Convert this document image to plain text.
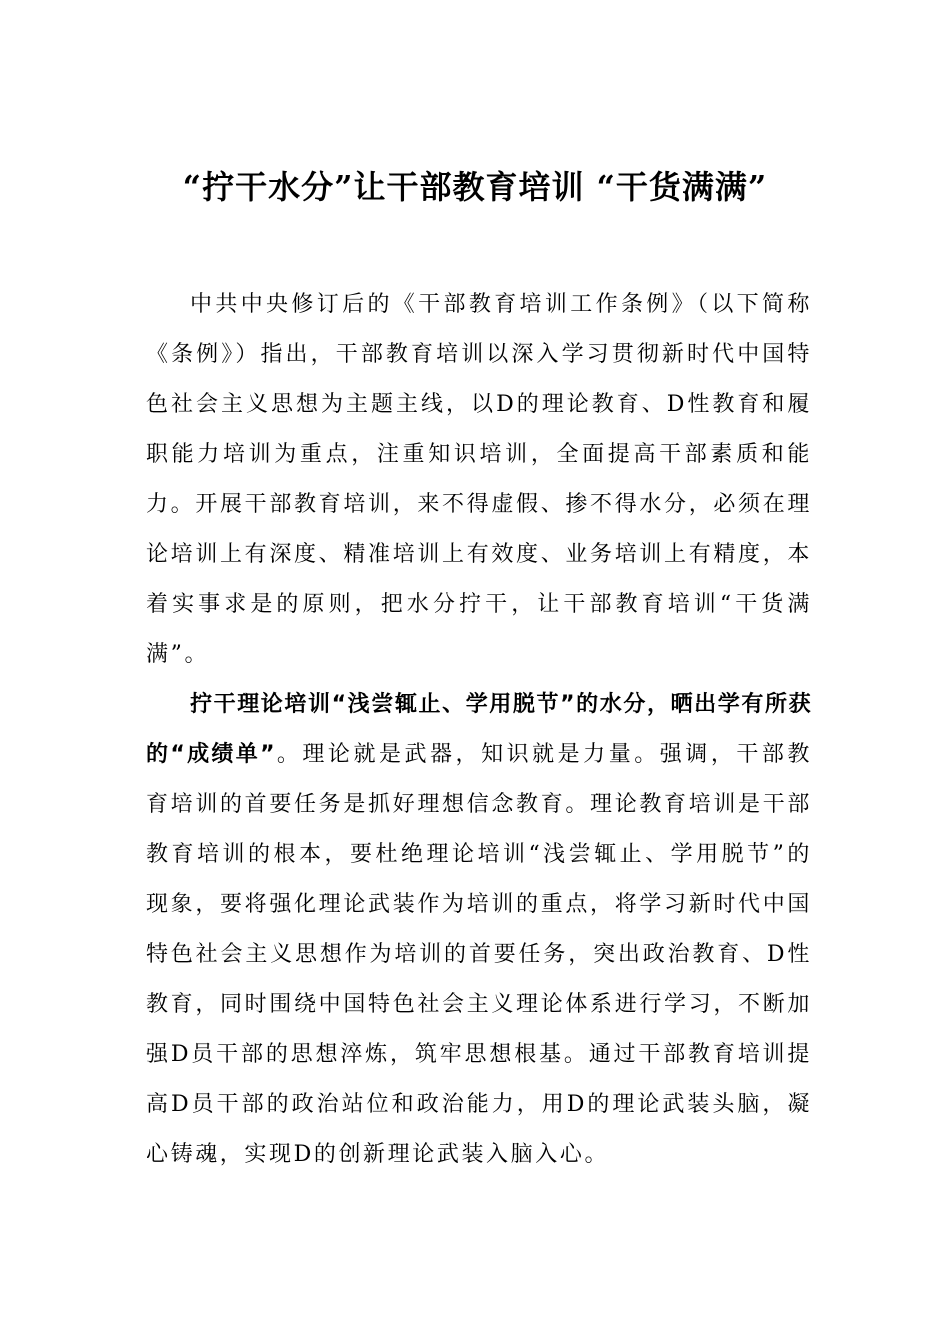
“拧干水分”让干部教育培训 “干货满满”

中共中央修订后的《干部教育培训工作条例》（以下简称《条例》）指出，干部教育培训以深入学习贯彻新时代中国特色社会主义思想为主题主线，以D的理论教育、D性教育和履职能力培训为重点，注重知识培训，全面提高干部素质和能力。开展干部教育培训，来不得虚假、掺不得水分，必须在理论培训上有深度、精准培训上有效度、业务培训上有精度，本着实事求是的原则，把水分拧干，让干部教育培训“干货满满”。

拧干理论培训“浅尝辄止、学用脱节”的水分，晒出学有所获的“成绩单”。理论就是武器，知识就是力量。强调，干部教育培训的首要任务是抓好理想信念教育。理论教育培训是干部教育培训的根本，要杜绝理论培训“浅尝辄止、学用脱节”的现象，要将强化理论武装作为培训的重点，将学习新时代中国特色社会主义思想作为培训的首要任务，突出政治教育、D性教育，同时围绕中国特色社会主义理论体系进行学习，不断加强D员干部的思想淬炼，筑牢思想根基。通过干部教育培训提高D员干部的政治站位和政治能力，用D的理论武装头脑，凝心铸魂，实现D的创新理论武装入脑入心。
